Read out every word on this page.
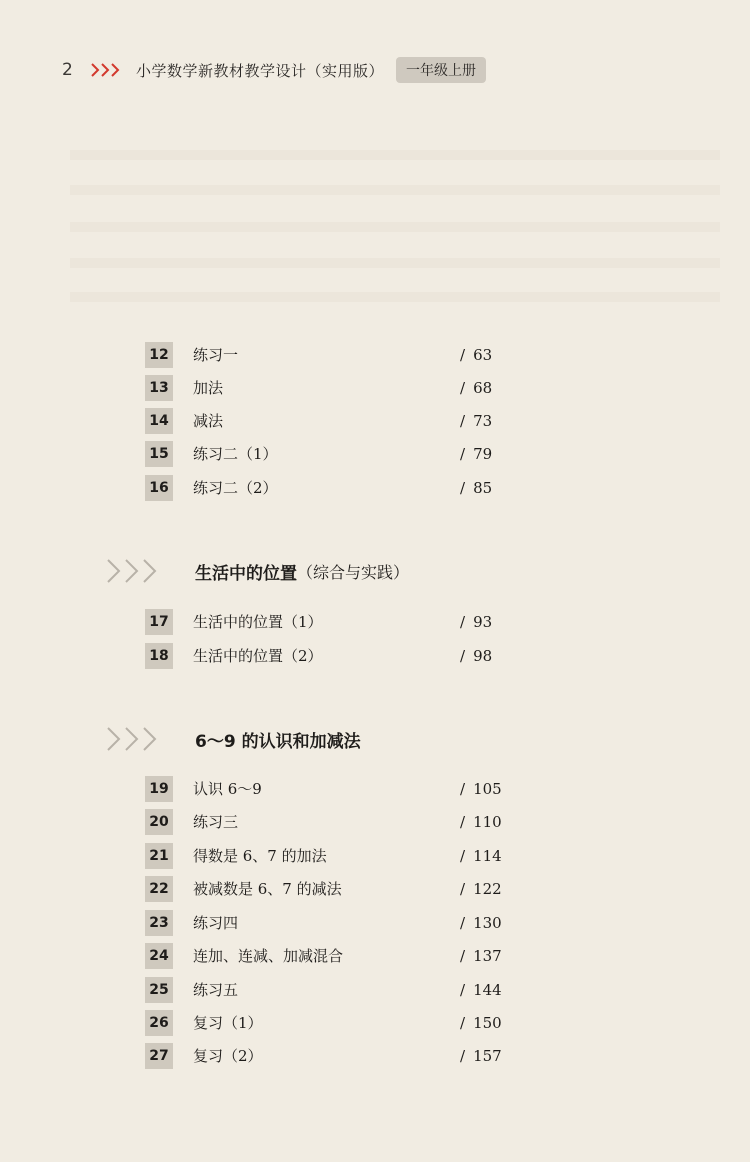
2	小学数学新教材教学设计（实用版）	一年级上册
12 练习一	/ 63
13 加法	/ 68
14 减法	/ 73
15 练习二（1）	/ 79
16 练习二（2）	/ 85
生活中的位置 （综合与实践）
17 生活中的位置（1）	/ 93
18 生活中的位置（2）	/ 98
6～9 的认识和加减法
19 认识 6～9	/ 105
20 练习三	/ 110
21 得数是 6、7 的加法	/ 114
22 被减数是 6、7 的减法	/ 122
23 练习四	/ 130
24 连加、连减、加减混合	/ 137
25 练习五	/ 144
26 复习（1）	/ 150
27 复习（2）	/ 157
